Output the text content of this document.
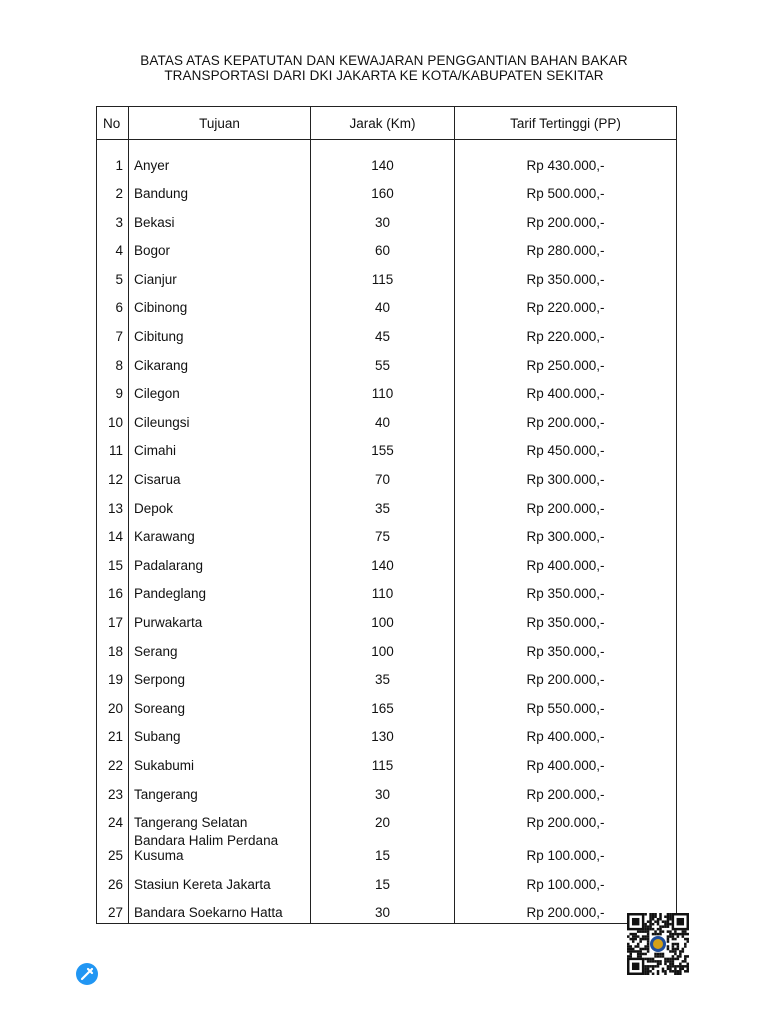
BATAS ATAS KEPATUTAN DAN KEWAJARAN PENGGANTIAN BAHAN BAKAR
TRANSPORTASI DARI DKI JAKARTA KE KOTA/KABUPATEN SEKITAR
No	Tujuan	Jarak (Km)	Tarif Tertinggi (PP)
1	Anyer	140	Rp 430.000,-
2	Bandung	160	Rp 500.000,-
3	Bekasi	30	Rp 200.000,-
4	Bogor	60	Rp 280.000,-
5	Cianjur	115	Rp 350.000,-
6	Cibinong	40	Rp 220.000,-
7	Cibitung	45	Rp 220.000,-
8	Cikarang	55	Rp 250.000,-
9	Cilegon	110	Rp 400.000,-
10	Cileungsi	40	Rp 200.000,-
11	Cimahi	155	Rp 450.000,-
12	Cisarua	70	Rp 300.000,-
13	Depok	35	Rp 200.000,-
14	Karawang	75	Rp 300.000,-
15	Padalarang	140	Rp 400.000,-
16	Pandeglang	110	Rp 350.000,-
17	Purwakarta	100	Rp 350.000,-
18	Serang	100	Rp 350.000,-
19	Serpong	35	Rp 200.000,-
20	Soreang	165	Rp 550.000,-
21	Subang	130	Rp 400.000,-
22	Sukabumi	115	Rp 400.000,-
23	Tangerang	30	Rp 200.000,-
24	Tangerang Selatan	20	Rp 200.000,-
25	Bandara Halim Perdana Kusuma	15	Rp 100.000,-
26	Stasiun Kereta Jakarta	15	Rp 100.000,-
27	Bandara Soekarno Hatta	30	Rp 200.000,-
